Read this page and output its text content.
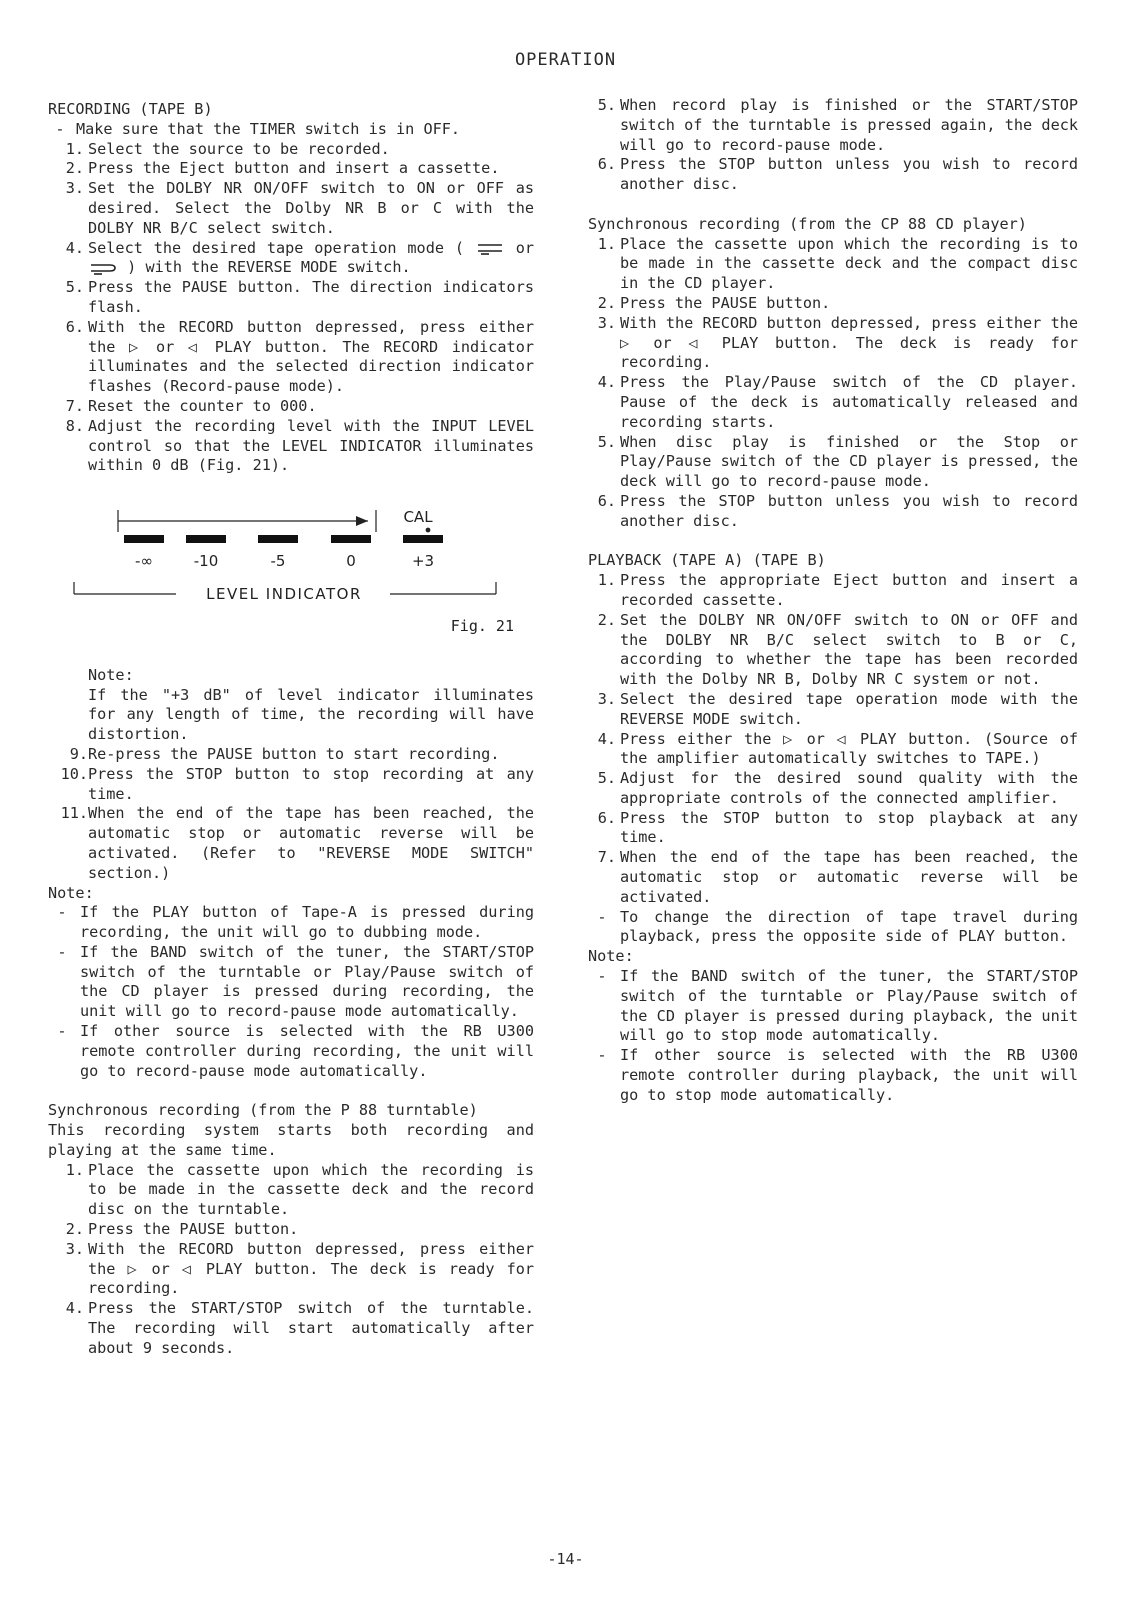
OPERATION

RECORDING (TAPE B)

- Make sure that the TIMER switch is in OFF.
1. Select the source to be recorded.
2. Press the Eject button and insert a cassette.
3. Set the DOLBY NR ON/OFF switch to ON or OFF as desired. Select the Dolby NR B or C with the DOLBY NR B/C select switch.
4. Select the desired tape operation mode (	or  ) with the REVERSE MODE switch.
5. Press the PAUSE button. The direction indicators flash.
6. With the RECORD button depressed, press either the ▷ or ◁ PLAY button. The RECORD indicator illuminates and the selected direction indicator flashes (Record-pause mode).
7. Reset the counter to 000.
8. Adjust the recording level with the INPUT LEVEL control so that the LEVEL INDICATOR illuminates within 0 dB (Fig. 21).
CAL
-∞	-10	-5	0	+3
LEVEL INDICATOR
Fig. 21

Note:

If the "+3 dB" of level indicator illuminates for any length of time, the recording will have distortion.

9. Re-press the PAUSE button to start recording.
10. Press the STOP button to stop recording at any time.
11. When the end of the tape has been reached, the automatic stop or automatic reverse will be activated. (Refer to "REVERSE MODE SWITCH" section.)

Note:

- If the PLAY button of Tape-A is pressed during recording, the unit will go to dubbing mode.
- If the BAND switch of the tuner, the START/STOP switch of the turntable or Play/Pause switch of the CD player is pressed during recording, the unit will go to record-pause mode automatically.
- If other source is selected with the RB U300 remote controller during recording, the unit will go to record-pause mode automatically.

Synchronous recording (from the P 88 turntable)

This recording system starts both recording and playing at the same time.

1. Place the cassette upon which the recording is to be made in the cassette deck and the record disc on the turntable.
2. Press the PAUSE button.
3. With the RECORD button depressed, press either the ▷ or ◁ PLAY button. The deck is ready for recording.
4. Press the START/STOP switch of the turntable. The recording will start automatically after about 9 seconds.
5. When record play is finished or the START/STOP switch of the turntable is pressed again, the deck will go to record-pause mode.
6. Press the STOP button unless you wish to record another disc.

Synchronous recording (from the CP 88 CD player)

1. Place the cassette upon which the recording is to be made in the cassette deck and the compact disc in the CD player.
2. Press the PAUSE button.
3. With the RECORD button depressed, press either the ▷ or ◁ PLAY button. The deck is ready for recording.
4. Press the Play/Pause switch of the CD player. Pause of the deck is automatically released and recording starts.
5. When disc play is finished or the Stop or Play/Pause switch of the CD player is pressed, the deck will go to record-pause mode.
6. Press the STOP button unless you wish to record another disc.

PLAYBACK (TAPE A) (TAPE B)

1. Press the appropriate Eject button and insert a recorded cassette.
2. Set the DOLBY NR ON/OFF switch to ON or OFF and the DOLBY NR B/C select switch to B or C, according to whether the tape has been recorded with the Dolby NR B, Dolby NR C system or not.
3. Select the desired tape operation mode with the REVERSE MODE switch.
4. Press either the ▷ or ◁ PLAY button. (Source of the amplifier automatically switches to TAPE.)
5. Adjust for the desired sound quality with the appropriate controls of the connected amplifier.
6. Press the STOP button to stop playback at any time.
7. When the end of the tape has been reached, the automatic stop or automatic reverse will be activated.
- To change the direction of tape travel during playback, press the opposite side of PLAY button.

Note:

- If the BAND switch of the tuner, the START/STOP switch of the turntable or Play/Pause switch of the CD player is pressed during playback, the unit will go to stop mode automatically.
- If other source is selected with the RB U300 remote controller during playback, the unit will go to stop mode automatically.
-14-
